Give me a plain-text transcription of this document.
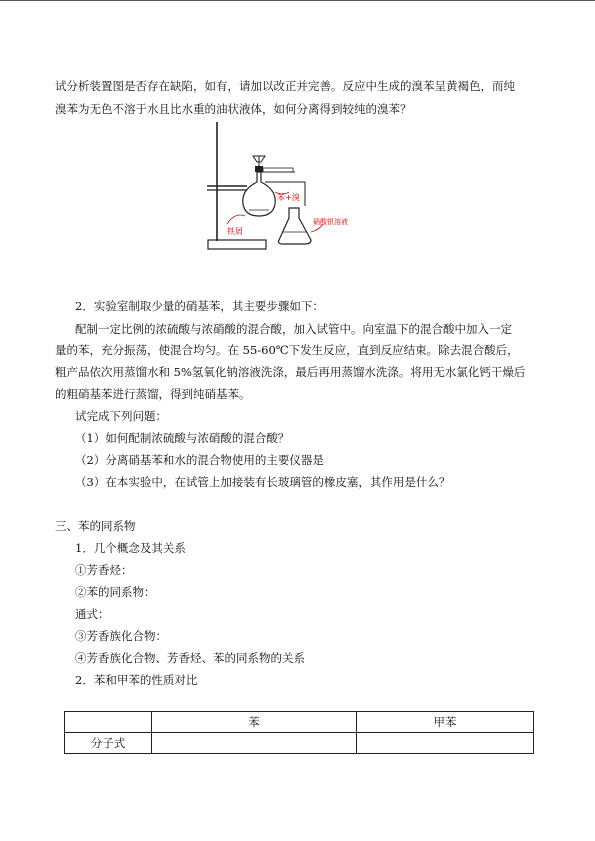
试分析装置图是否存在缺陷，如有，请加以改正并完善。反应中生成的溴苯呈黄褐色，而纯
溴苯为无色不溶于水且比水重的油状液体，如何分离得到较纯的溴苯？
苯+溴
铁屑
硝酸银溶液
2．实验室制取少量的硝基苯，其主要步骤如下：
配制一定比例的浓硫酸与浓硝酸的混合酸，加入试管中。向室温下的混合酸中加入一定
量的苯，充分振荡，使混合均匀。在 55-60℃下发生反应，直到反应结束。除去混合酸后，
粗产品依次用蒸馏水和 5%氢氧化钠溶液洗涤，最后再用蒸馏水洗涤。将用无水氯化钙干燥后
的粗硝基苯进行蒸馏，得到纯硝基苯。
试完成下列问题：
（1）如何配制浓硫酸与浓硝酸的混合酸？
（2）分离硝基苯和水的混合物使用的主要仪器是
（3）在本实验中，在试管上加接装有长玻璃管的橡皮塞，其作用是什么？
三、苯的同系物
1．几个概念及其关系
①芳香烃：
②苯的同系物：
通式：
③芳香族化合物：
④芳香族化合物、芳香烃、苯的同系物的关系
2．苯和甲苯的性质对比
	苯	甲苯
分子式		
